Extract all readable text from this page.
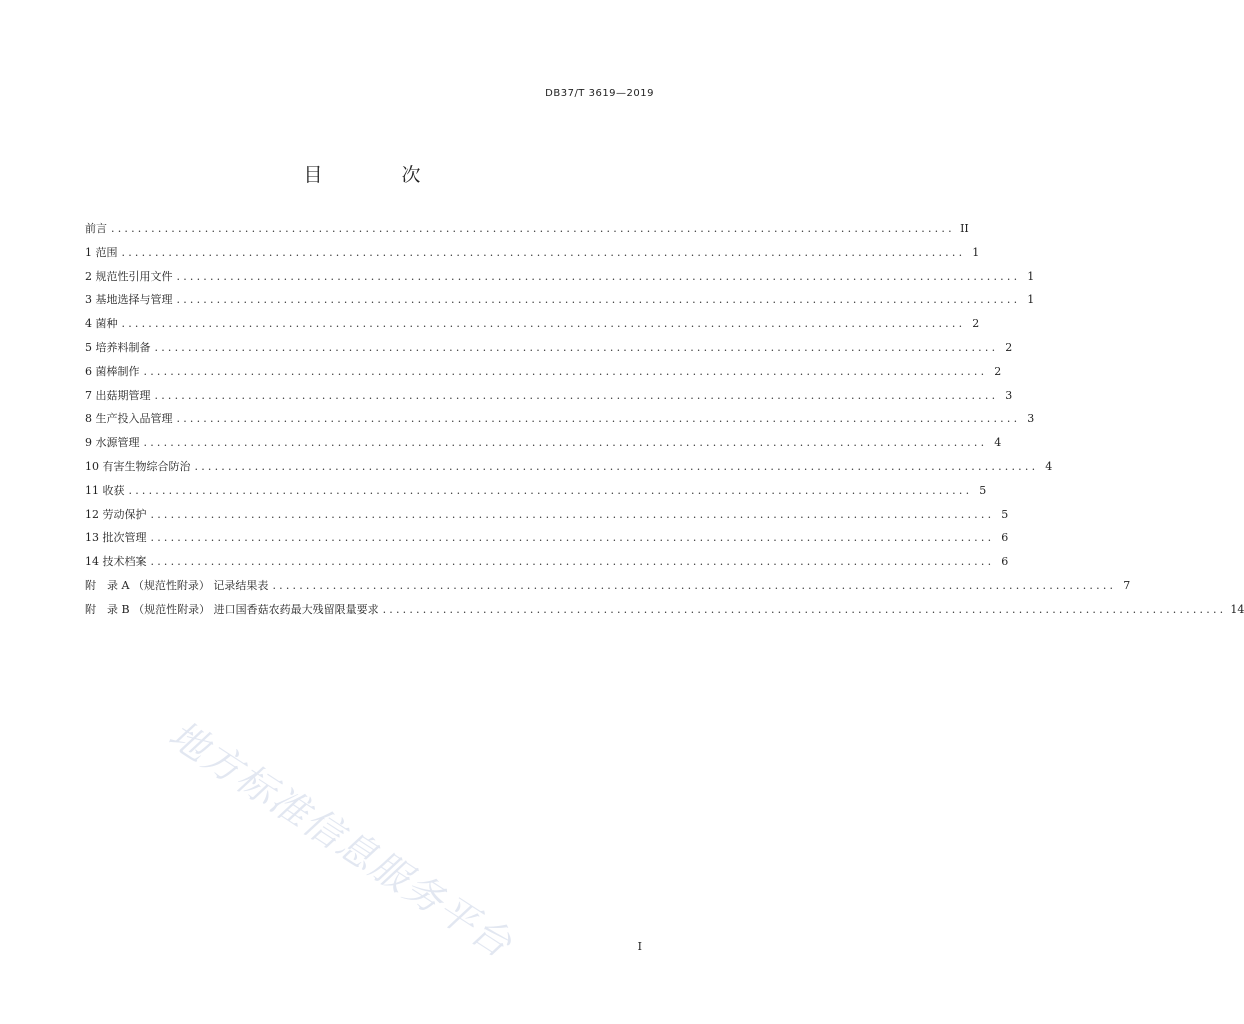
DB37/T 3619—2019
目　次
前言 .............................................................................................................................. II
1 范围 .............................................................................................................................. 1
2 规范性引用文件 .............................................................................................................................. 1
3 基地选择与管理 .............................................................................................................................. 1
4 菌种 .............................................................................................................................. 2
5 培养料制备 .............................................................................................................................. 2
6 菌棒制作 .............................................................................................................................. 2
7 出菇期管理 .............................................................................................................................. 3
8 生产投入品管理 .............................................................................................................................. 3
9 水源管理 .............................................................................................................................. 4
10 有害生物综合防治 .............................................................................................................................. 4
11 收获 .............................................................................................................................. 5
12 劳动保护 .............................................................................................................................. 5
13 批次管理 .............................................................................................................................. 6
14 技术档案 .............................................................................................................................. 6
附　录 A （规范性附录） 记录结果表 .............................................................................................................................. 7
附　录 B （规范性附录） 进口国香菇农药最大残留限量要求 .............................................................................................................................. 14
地方标准信息服务平台	I
